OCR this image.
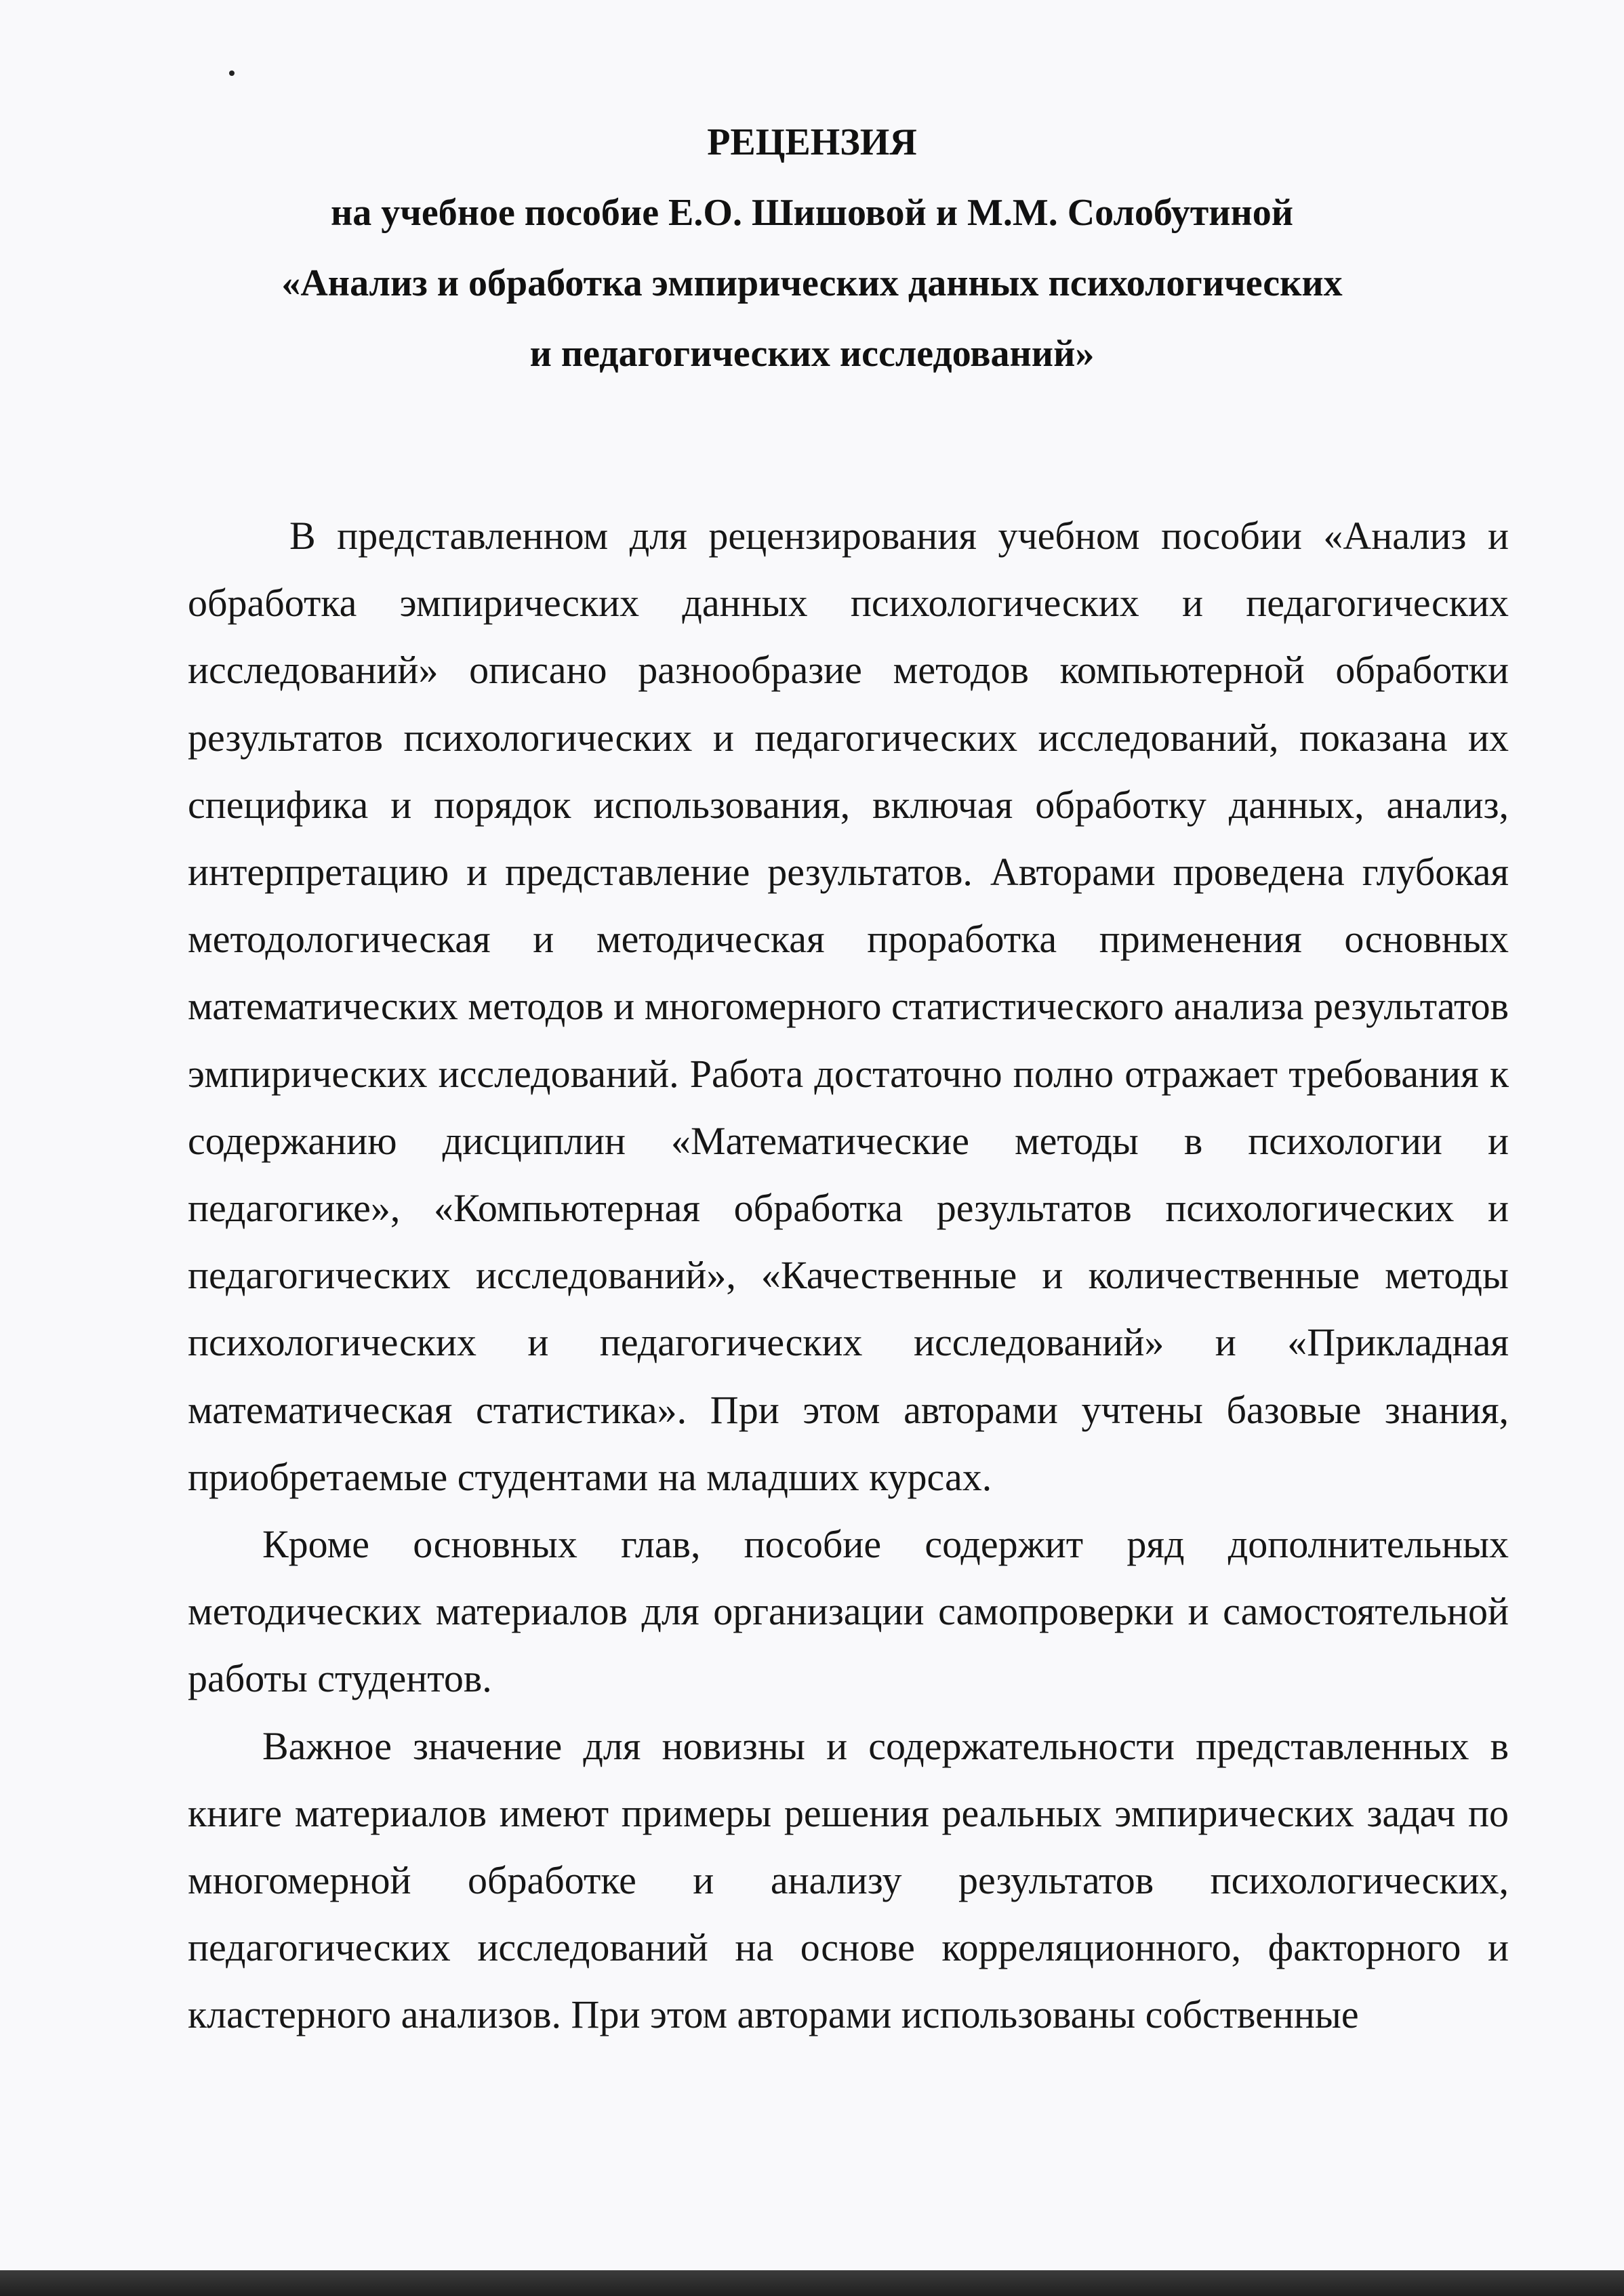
РЕЦЕНЗИЯ
на учебное пособие Е.О. Шишовой и М.М. Солобутиной
«Анализ и обработка эмпирических данных психологических
и педагогических исследований»

В представленном для рецензирования учебном пособии «Анализ и обработка эмпирических данных психологических и педагогических исследований» описано разнообразие методов компьютерной обработки результатов психологических и педагогических исследований, показана их специфика и порядок использования, включая обработку данных, анализ, интерпретацию и представление результатов. Авторами проведена глубокая методологическая и методическая проработка применения основных математических методов и многомерного статистического анализа результатов эмпирических исследований. Работа достаточно полно отражает требования к содержанию дисциплин «Математические методы в психологии и педагогике», «Компьютерная обработка результатов психологических и педагогических исследований», «Качественные и количественные методы психологических и педагогических исследований» и «Прикладная математическая статистика». При этом авторами учтены базовые знания, приобретаемые студентами на младших курсах.

Кроме основных глав, пособие содержит ряд дополнительных методических материалов для организации самопроверки и самостоятельной работы студентов.

Важное значение для новизны и содержательности представленных в книге материалов имеют примеры решения реальных эмпирических задач по многомерной обработке и анализу результатов психологических, педагогических исследований на основе корреляционного, факторного и кластерного анализов. При этом авторами использованы собственные
